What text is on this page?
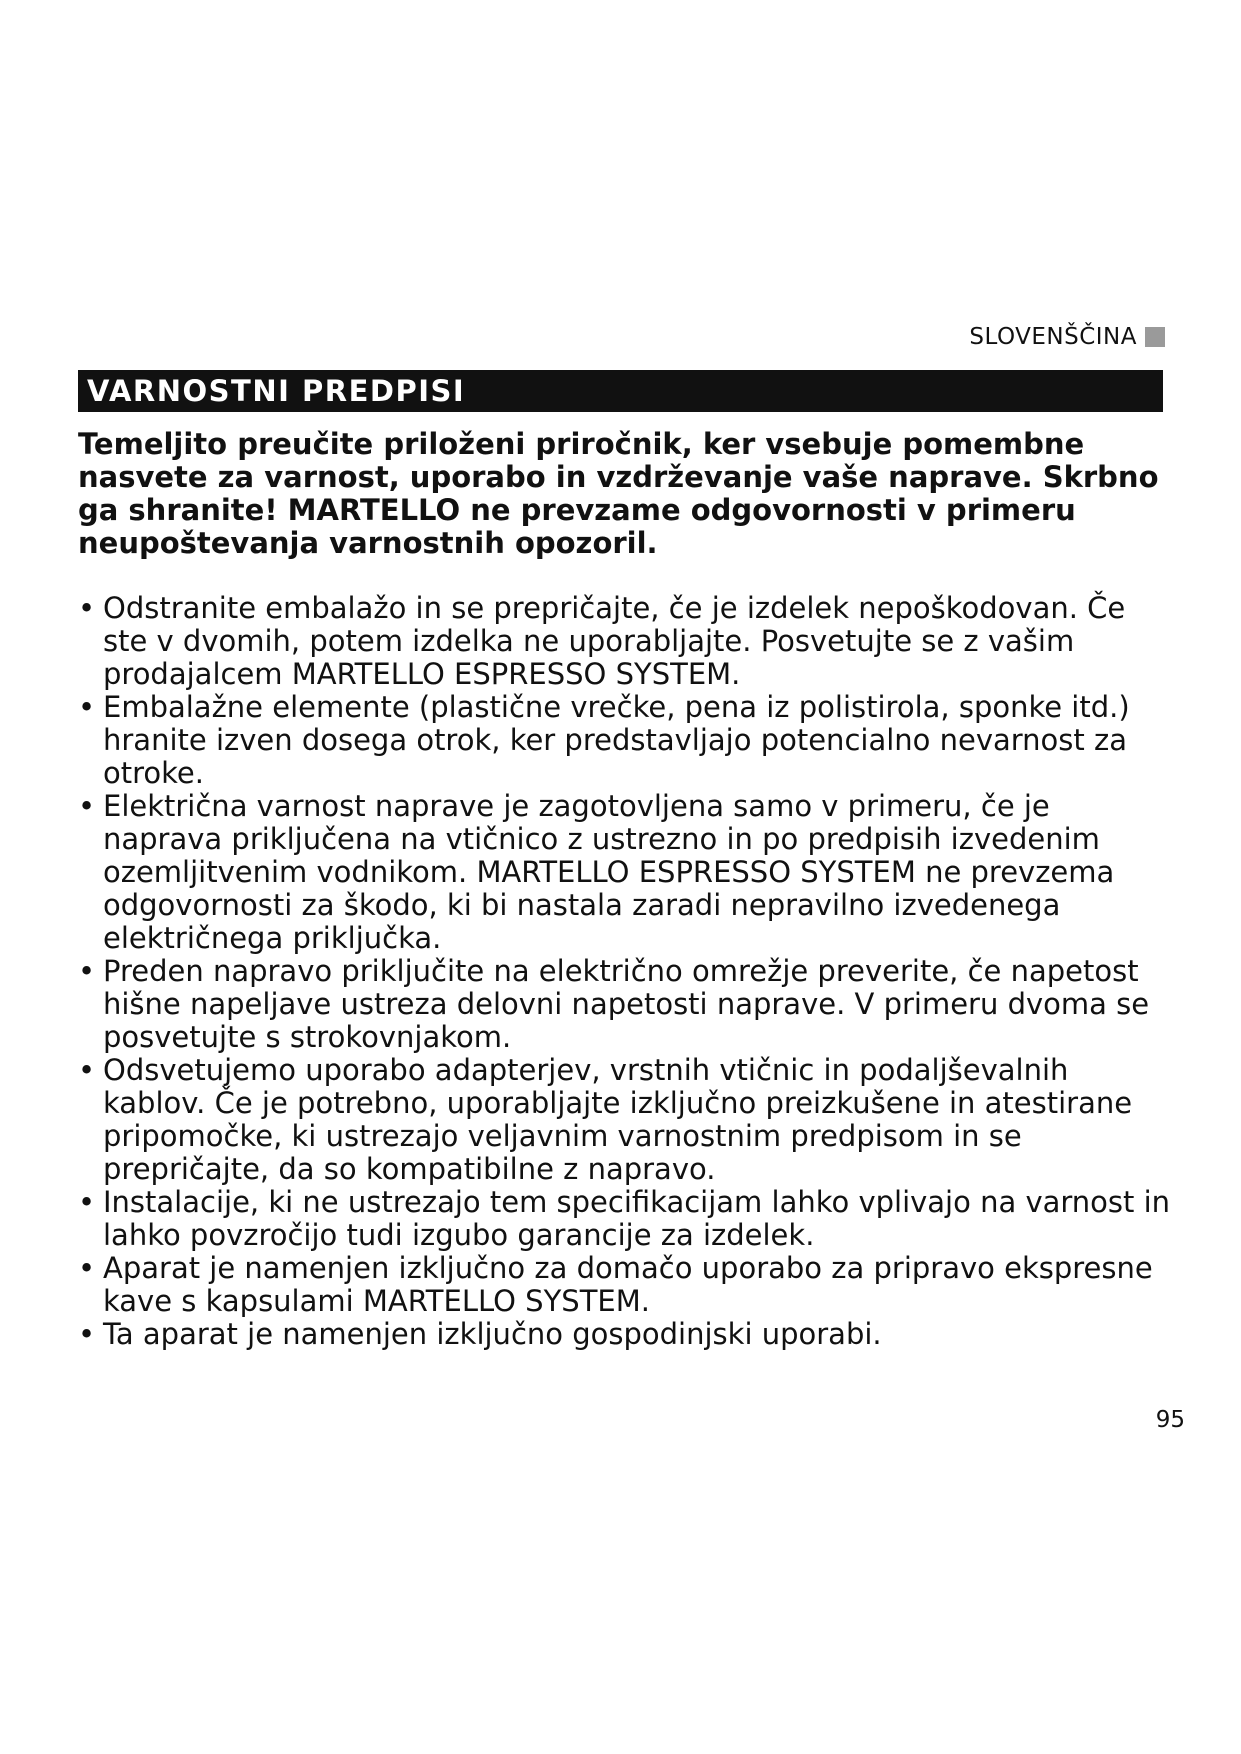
SLOVENŠČINA
VARNOSTNI PREDPISI

Temeljito preučite priloženi priročnik, ker vsebuje pomembne nasvete za varnost, uporabo in vzdrževanje vaše naprave. Skrbno ga shranite! MARTELLO ne prevzame odgovornosti v primeru neupoštevanja varnostnih opozoril.

• Odstranite embalažo in se prepričajte, če je izdelek nepoškodovan. Če ste v dvomih, potem izdelka ne uporabljajte. Posvetujte se z vašim prodajalcem MARTELLO ESPRESSO SYSTEM.
• Embalažne elemente (plastične vrečke, pena iz polistirola, sponke itd.) hranite izven dosega otrok, ker predstavljajo potencialno nevarnost za otroke.
• Električna varnost naprave je zagotovljena samo v primeru, če je naprava priključena na vtičnico z ustrezno in po predpisih izvedenim ozemljitvenim vodnikom. MARTELLO ESPRESSO SYSTEM ne prevzema odgovornosti za škodo, ki bi nastala zaradi nepravilno izvedenega električnega priključka.
• Preden napravo priključite na električno omrežje preverite, če napetost hišne napeljave ustreza delovni napetosti naprave. V primeru dvoma se posvetujte s strokovnjakom.
• Odsvetujemo uporabo adapterjev, vrstnih vtičnic in podaljševalnih kablov. Če je potrebno, uporabljajte izključno preizkušene in atestirane pripomočke, ki ustrezajo veljavnim varnostnim predpisom in se prepričajte, da so kompatibilne z napravo.
• Instalacije, ki ne ustrezajo tem specifikacijam lahko vplivajo na varnost in lahko povzročijo tudi izgubo garancije za izdelek.
• Aparat je namenjen izključno za domačo uporabo za pripravo ekspresne kave s kapsulami MARTELLO SYSTEM.
• Ta aparat je namenjen izključno gospodinjski uporabi.
95
